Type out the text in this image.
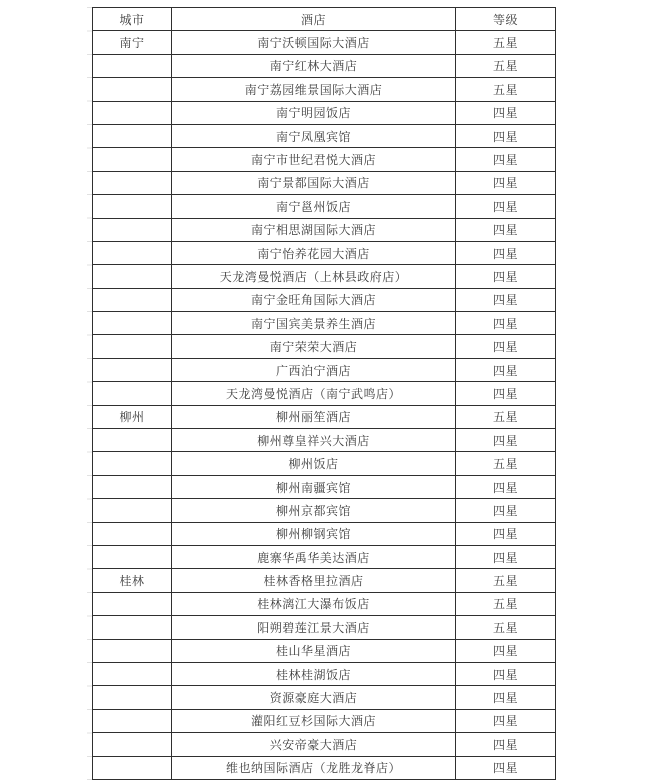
城市	酒店	等级
南宁	南宁沃顿国际大酒店	五星
	南宁红林大酒店	五星
	南宁荔园维景国际大酒店	五星
	南宁明园饭店	四星
	南宁凤凰宾馆	四星
	南宁市世纪君悦大酒店	四星
	南宁景都国际大酒店	四星
	南宁邕州饭店	四星
	南宁相思湖国际大酒店	四星
	南宁怡养花园大酒店	四星
	天龙湾曼悦酒店（上林县政府店）	四星
	南宁金旺角国际大酒店	四星
	南宁国宾美景养生酒店	四星
	南宁荣荣大酒店	四星
	广西泊宁酒店	四星
	天龙湾曼悦酒店（南宁武鸣店）	四星
柳州	柳州丽笙酒店	五星
	柳州尊皇祥兴大酒店	四星
	柳州饭店	五星
	柳州南疆宾馆	四星
	柳州京都宾馆	四星
	柳州柳钢宾馆	四星
	鹿寨华禹华美达酒店	四星
桂林	桂林香格里拉酒店	五星
	桂林漓江大瀑布饭店	五星
	阳朔碧莲江景大酒店	五星
	桂山华星酒店	四星
	桂林桂湖饭店	四星
	资源豪庭大酒店	四星
	灌阳红豆杉国际大酒店	四星
	兴安帝豪大酒店	四星
	维也纳国际酒店（龙胜龙脊店）	四星
